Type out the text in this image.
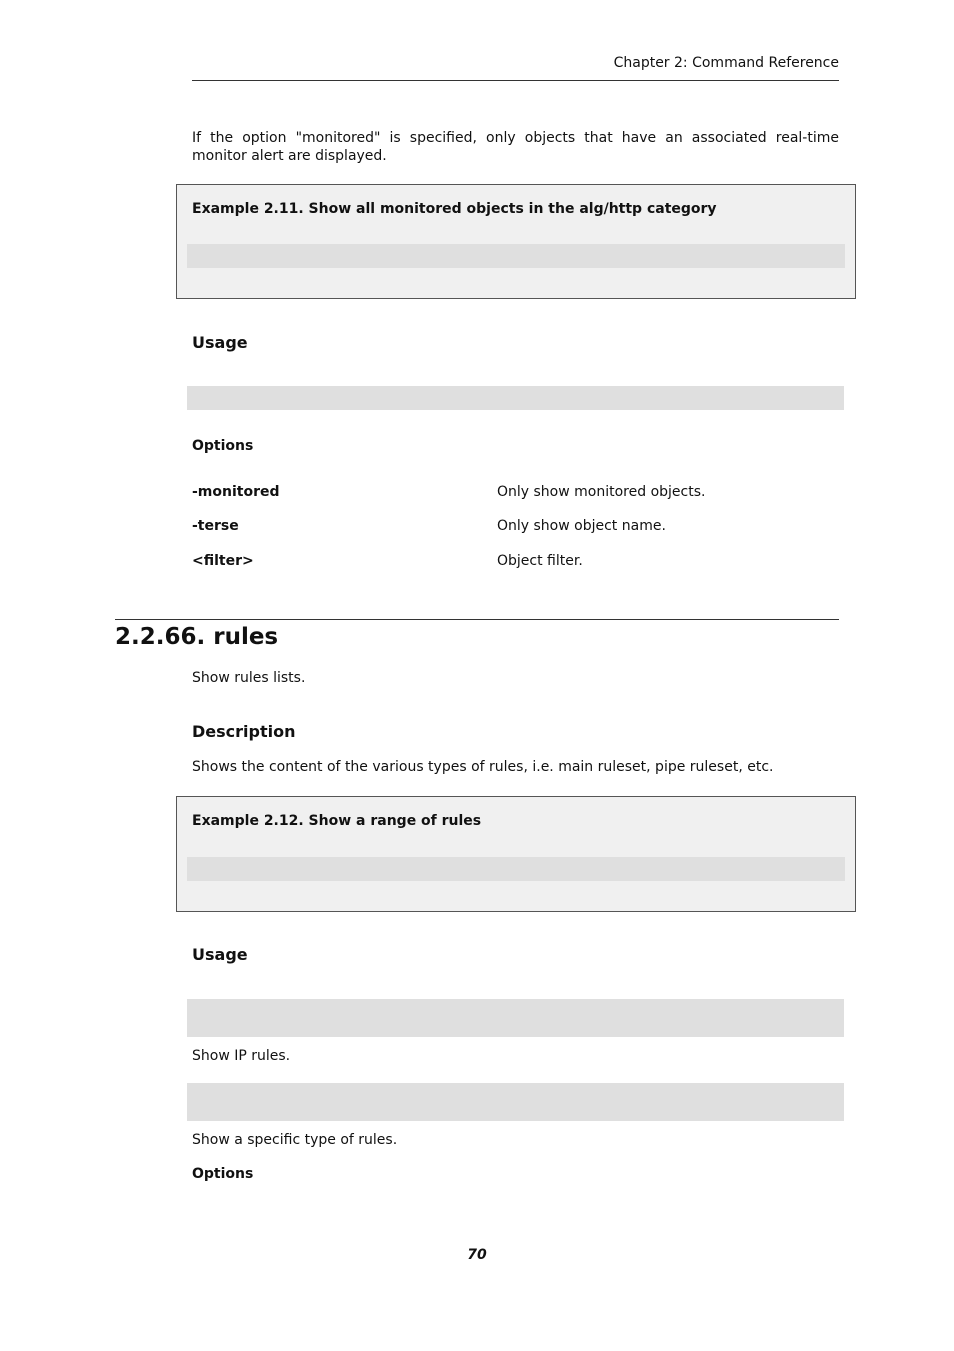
Chapter 2: Command Reference
If the option "monitored" is specified, only objects that have an associated real-time monitor alert are displayed.
Example 2.11. Show all monitored objects in the alg/http category
Usage
Options
-monitored	Only show monitored objects.
-terse	Only show object name.
<filter>	Object filter.
2.2.66. rules
Show rules lists.
Description
Shows the content of the various types of rules, i.e. main ruleset, pipe ruleset, etc.
Example 2.12. Show a range of rules
Usage
Show IP rules.
Show a specific type of rules.
Options
70
